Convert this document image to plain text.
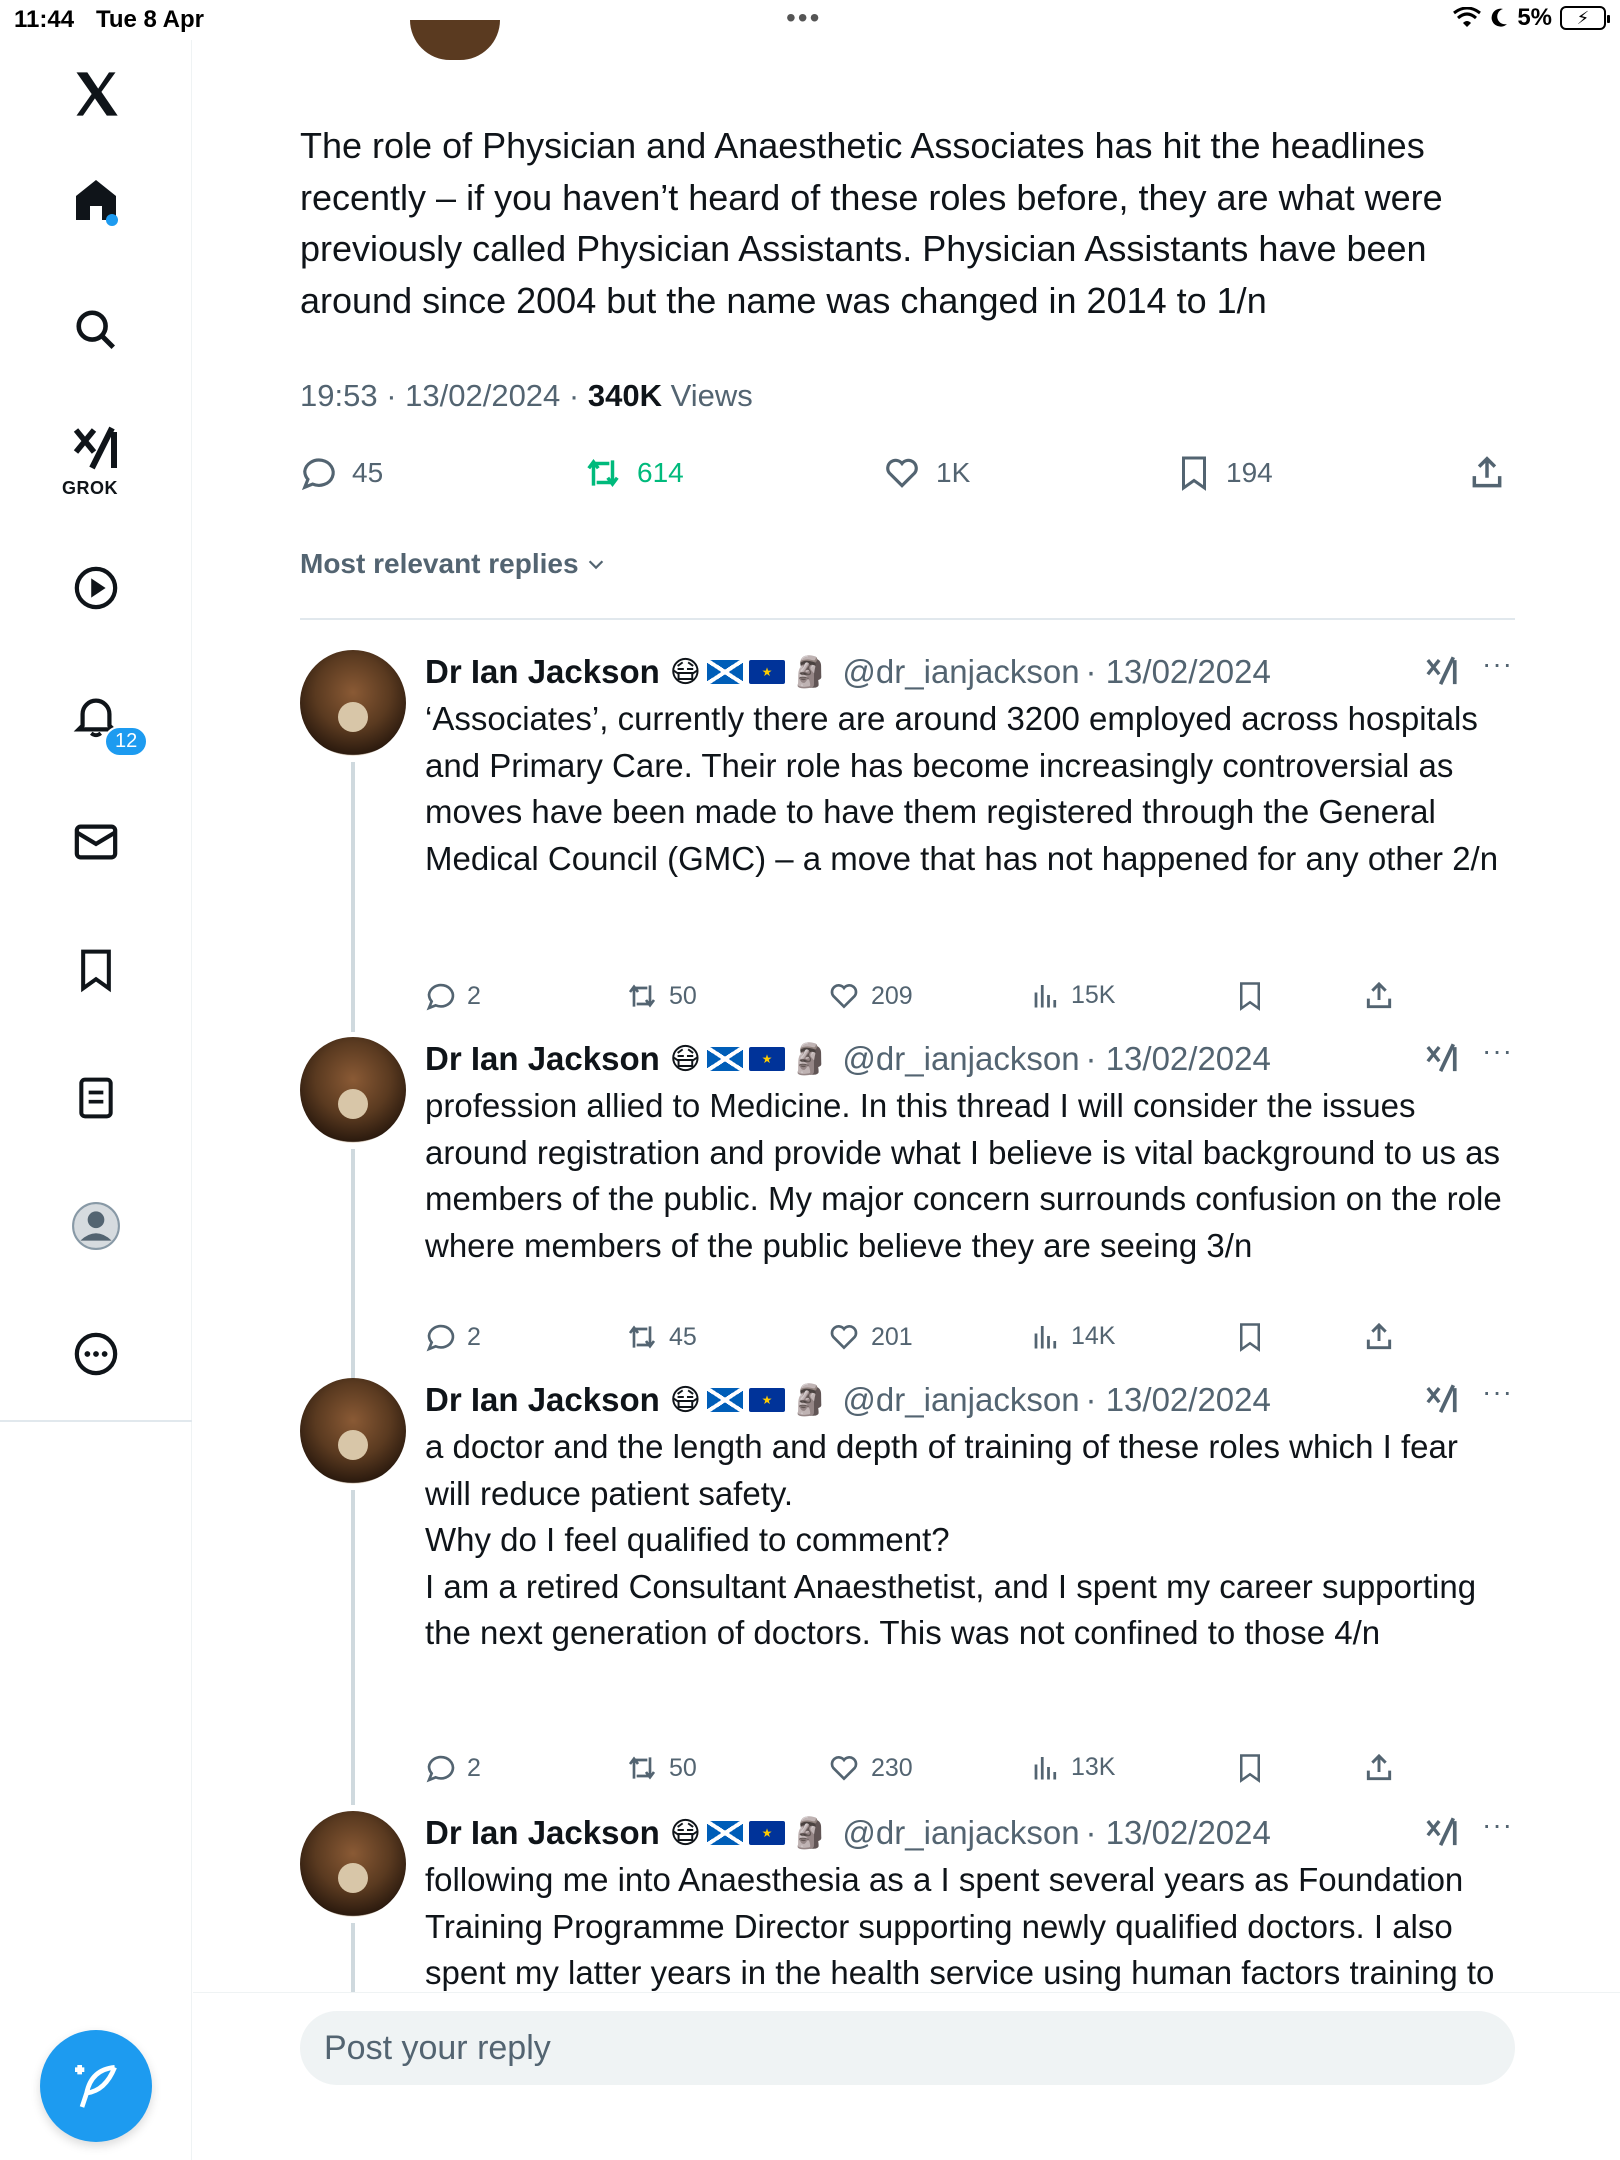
11:44 Tue 8 Apr	•••	5%	⚡
GROK
12

The role of Physician and Anaesthetic Associates has hit the headlines recently – if you haven’t heard of these roles before, they are what were previously called Physician Assistants. Physician Assistants have been around since 2004 but the name was changed in 2014 to 1/n

19:53 · 13/02/2024 · 340K Views
45	614	1K	194
Most relevant replies
Dr Ian Jackson 😷	★ 🗿 @dr_ianjackson · 13/02/2024	···

‘Associates’, currently there are around 3200 employed across hospitals and Primary Care. Their role has become increasingly controversial as moves have been made to have them registered through the General Medical Council (GMC) – a move that has not happened for any other 2/n

2	50	209	15K
Dr Ian Jackson 😷	★ 🗿 @dr_ianjackson · 13/02/2024	···

profession allied to Medicine. In this thread I will consider the issues around registration and provide what I believe is vital background to us as members of the public. My major concern surrounds confusion on the role where members of the public believe they are seeing 3/n

2	45	201	14K
Dr Ian Jackson 😷	★ 🗿 @dr_ianjackson · 13/02/2024	···

a doctor and the length and depth of training of these roles which I fear will reduce patient safety.
Why do I feel qualified to comment?
I am a retired Consultant Anaesthetist, and I spent my career supporting the next generation of doctors. This was not confined to those 4/n

2	50	230	13K
Dr Ian Jackson 😷	★ 🗿 @dr_ianjackson · 13/02/2024	···

following me into Anaesthesia as a I spent several years as Foundation Training Programme Director supporting newly qualified doctors. I also spent my latter years in the health service using human factors training to

Post your reply
